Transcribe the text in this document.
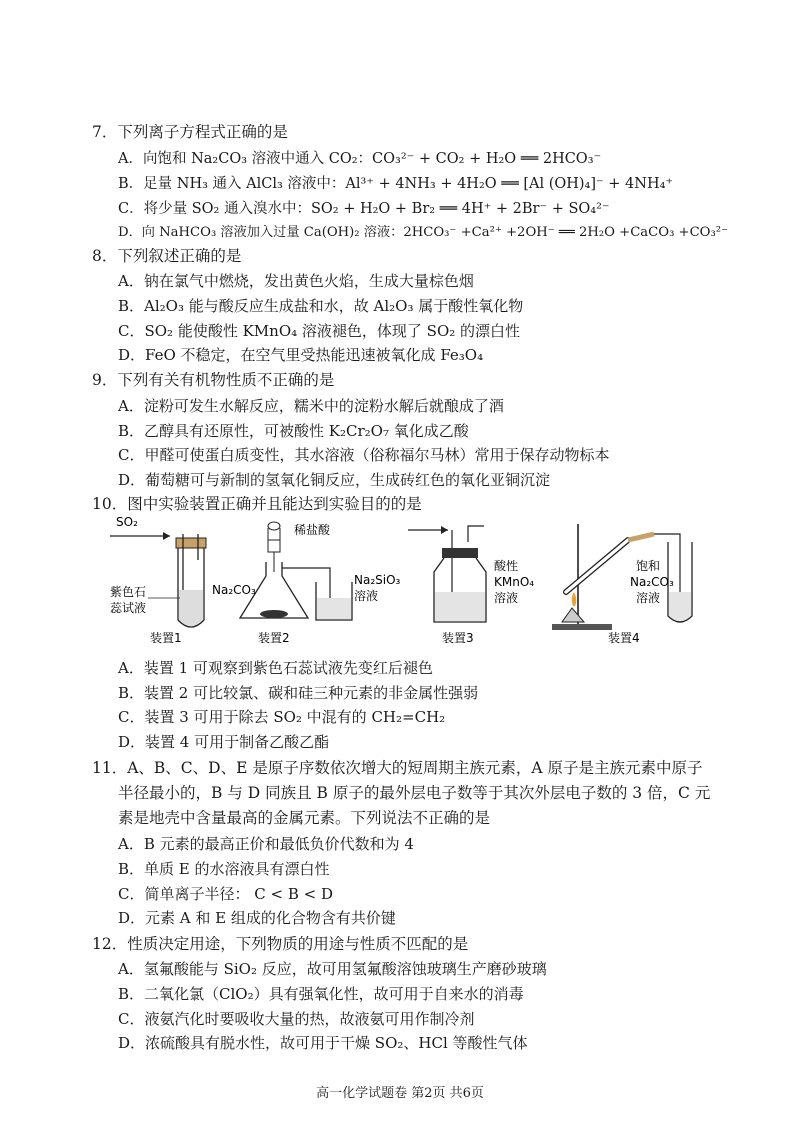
7．下列离子方程式正确的是
A．向饱和 Na₂CO₃ 溶液中通入 CO₂：CO₃²⁻ + CO₂ + H₂O ══ 2HCO₃⁻
B．足量 NH₃ 通入 AlCl₃ 溶液中：Al³⁺ + 4NH₃ + 4H₂O ══ [Al (OH)₄]⁻ + 4NH₄⁺
C．将少量 SO₂ 通入溴水中：SO₂ + H₂O + Br₂ ══ 4H⁺ + 2Br⁻ + SO₄²⁻
D．向 NaHCO₃ 溶液加入过量 Ca(OH)₂ 溶液：2HCO₃⁻ +Ca²⁺ +2OH⁻ ══ 2H₂O +CaCO₃ +CO₃²⁻
8．下列叙述正确的是
A．钠在氯气中燃烧，发出黄色火焰，生成大量棕色烟
B．Al₂O₃ 能与酸反应生成盐和水，故 Al₂O₃ 属于酸性氧化物
C．SO₂ 能使酸性 KMnO₄ 溶液褪色，体现了 SO₂ 的漂白性
D．FeO 不稳定，在空气里受热能迅速被氧化成 Fe₃O₄
9．下列有关有机物性质不正确的是
A．淀粉可发生水解反应，糯米中的淀粉水解后就酿成了酒
B．乙醇具有还原性，可被酸性 K₂Cr₂O₇ 氧化成乙酸
C．甲醛可使蛋白质变性，其水溶液（俗称福尔马林）常用于保存动物标本
D．葡萄糖可与新制的氢氧化铜反应，生成砖红色的氧化亚铜沉淀
10．图中实验装置正确并且能达到实验目的的是
SO₂
紫色石
蕊试液
装置1
稀盐酸
Na₂CO₃
Na₂SiO₃
溶液
装置2
酸性
KMnO₄
溶液
装置3
饱和
Na₂CO₃
溶液
装置4
A．装置 1 可观察到紫色石蕊试液先变红后褪色
B．装置 2 可比较氯、碳和硅三种元素的非金属性强弱
C．装置 3 可用于除去 SO₂ 中混有的 CH₂=CH₂
D．装置 4 可用于制备乙酸乙酯
11．A、B、C、D、E 是原子序数依次增大的短周期主族元素，A 原子是主族元素中原子
半径最小的，B 与 D 同族且 B 原子的最外层电子数等于其次外层电子数的 3 倍，C 元
素是地壳中含量最高的金属元素。下列说法不正确的是
A．B 元素的最高正价和最低负价代数和为 4
B．单质 E 的水溶液具有漂白性
C．简单离子半径： C < B < D
D．元素 A 和 E 组成的化合物含有共价键
12．性质决定用途，下列物质的用途与性质不匹配的是
A．氢氟酸能与 SiO₂ 反应，故可用氢氟酸溶蚀玻璃生产磨砂玻璃
B．二氧化氯（ClO₂）具有强氧化性，故可用于自来水的消毒
C．液氨汽化时要吸收大量的热，故液氨可用作制冷剂
D．浓硫酸具有脱水性，故可用于干燥 SO₂、HCl 等酸性气体
高一化学试题卷 第2页 共6页
